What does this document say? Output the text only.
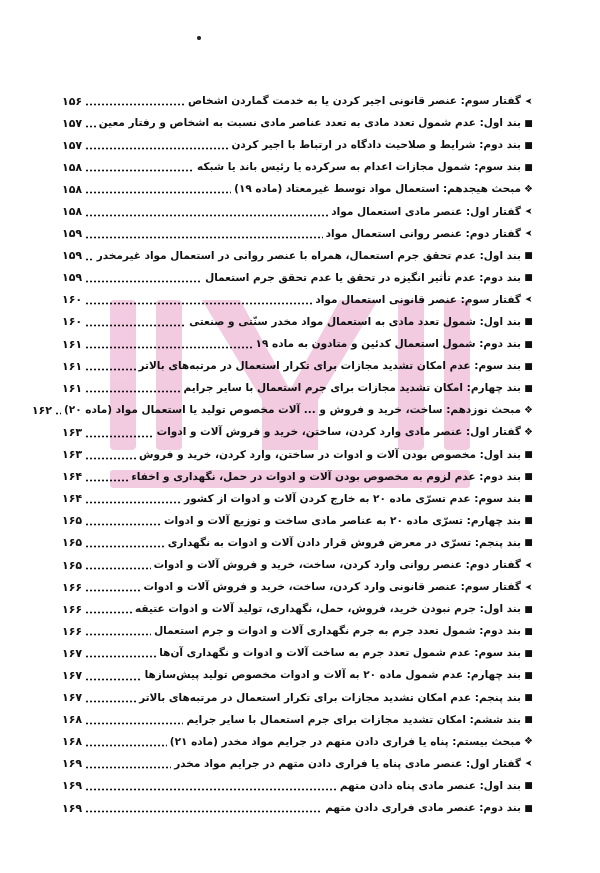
➤
گفتار سوم: عنصر قانونی اجیر کردن یا به خدمت گماردن اشخاص
۱۵۶
■
بند اول: عدم شمول تعدد مادی به تعدد عناصر مادی نسبت به اشخاص و رفتار معین
۱۵۷
■
بند دوم: شرایط و صلاحیت دادگاه در ارتباط با اجیر کردن
۱۵۷
■
بند سوم: شمول مجازات اعدام به سرکرده یا رئیس باند یا شبکه
۱۵۸
❖
مبحث هیجدهم: استعمال مواد توسط غیرمعتاد (ماده ۱۹)
۱۵۸
➤
گفتار اول: عنصر مادی استعمال مواد
۱۵۸
➤
گفتار دوم: عنصر روانی استعمال مواد
۱۵۹
■
بند اول: عدم تحقق جرم استعمال، همراه با عنصر روانی در استعمال مواد غیرمخدر
۱۵۹
■
بند دوم: عدم تأثیر انگیزه در تحقق یا عدم تحقق جرم استعمال
۱۵۹
➤
گفتار سوم: عنصر قانونی استعمال مواد
۱۶۰
■
بند اول: شمول تعدد مادی به استعمال مواد مخدر سنّتی و صنعتی
۱۶۰
■
بند دوم: شمول استعمال کدئین و متادون به ماده ۱۹
۱۶۱
■
بند سوم: عدم امکان تشدید مجازات برای تکرار استعمال در مرتبه‌های بالاتر
۱۶۱
■
بند چهارم: امکان تشدید مجازات برای جرم استعمال با سایر جرایم
۱۶۱
❖
مبحث نوزدهم: ساخت، خرید و فروش و ... آلات مخصوص تولید یا استعمال مواد (ماده ۲۰)
۱۶۲
❖
گفتار اول: عنصر مادی وارد کردن، ساختن، خرید و فروش آلات و ادوات
۱۶۳
■
بند اول: مخصوص بودن آلات و ادوات در ساختن، وارد کردن، خرید و فروش
۱۶۳
■
بند دوم: عدم لزوم به مخصوص بودن آلات و ادوات در حمل، نگهداری و اخفاء
۱۶۴
■
بند سوم: عدم تسرّی ماده ۲۰ به خارج کردن آلات و ادوات از کشور
۱۶۴
■
بند چهارم: تسرّی ماده ۲۰ به عناصر مادی ساخت و توزیع آلات و ادوات
۱۶۵
■
بند پنجم: تسرّی در معرض فروش قرار دادن آلات و ادوات به نگهداری
۱۶۵
➤
گفتار دوم: عنصر روانی وارد کردن، ساخت، خرید و فروش آلات و ادوات
۱۶۵
➤
گفتار سوم: عنصر قانونی وارد کردن، ساخت، خرید و فروش آلات و ادوات
۱۶۶
■
بند اول: جرم نبودن خرید، فروش، حمل، نگهداری، تولید آلات و ادوات عتیقه
۱۶۶
■
بند دوم: شمول تعدد جرم به جرم نگهداری آلات و ادوات و جرم استعمال
۱۶۶
■
بند سوم: عدم شمول تعدد جرم به ساخت آلات و ادوات و نگهداری آن‌ها
۱۶۷
■
بند چهارم: عدم شمول ماده ۲۰ به آلات و ادوات مخصوص تولید پیش‌سازها
۱۶۷
■
بند پنجم: عدم امکان تشدید مجازات برای تکرار استعمال در مرتبه‌های بالاتر
۱۶۷
■
بند ششم: امکان تشدید مجازات برای جرم استعمال با سایر جرایم
۱۶۸
❖
مبحث بیستم: پناه یا فراری دادن متهم در جرایم مواد مخدر (ماده ۲۱)
۱۶۸
➤
گفتار اول: عنصر مادی پناه یا فراری دادن متهم در جرایم مواد مخدر
۱۶۹
■
بند اول: عنصر مادی پناه دادن متهم
۱۶۹
■
بند دوم: عنصر مادی فراری دادن متهم
۱۶۹
